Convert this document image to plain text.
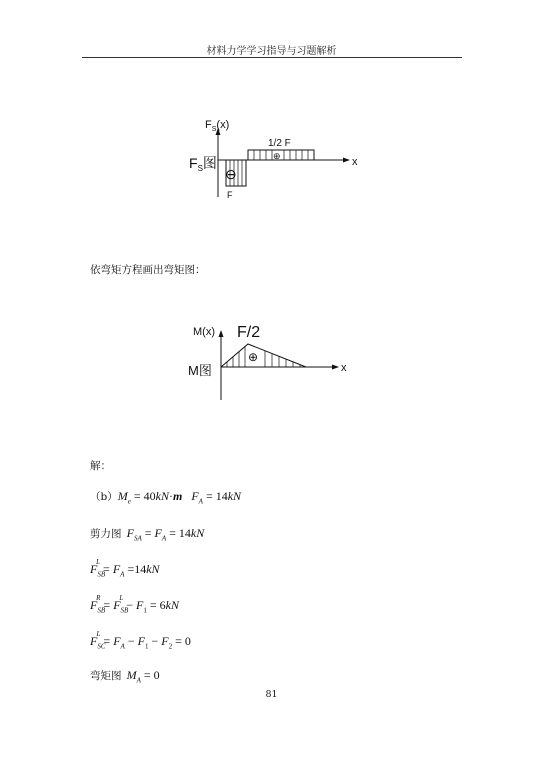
材料力学学习指导与习题解析
$F_S(x)$
x
$F_S$图
1/2 F
F
⊕
⊖
依弯矩方程画出弯矩图：
M(x) F/2
M图	x
⊕
解：
$(b)M_e = 40kN\cdot m$   $F_A = 14kN$
剪力图 $F_{SA} = F_A = 14kN$
$F_{SB}^L = F_A =14kN$
$F_{SB}^R = F_{SB}^L - F_1 = 6kN$
$F_{SC}^L = F_A - F_1 - F_2 = 0$
弯矩图 $M_A = 0$
81
